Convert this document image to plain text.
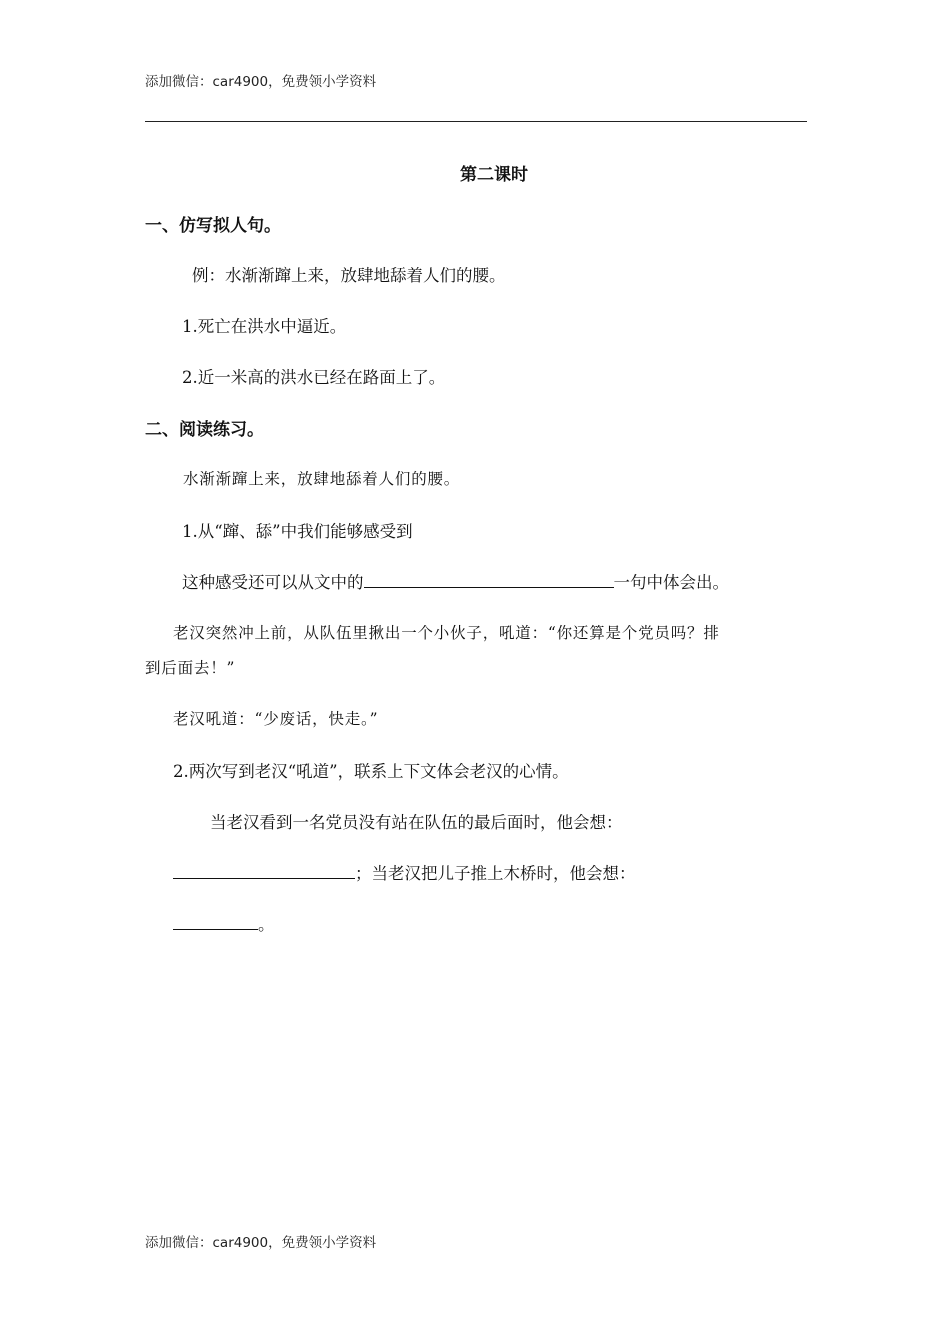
添加微信：car4900，免费领小学资料
第二课时
一、仿写拟人句。
例：水渐渐蹿上来，放肆地舔着人们的腰。
1.死亡在洪水中逼近。
2.近一米高的洪水已经在路面上了。
二、阅读练习。
水渐渐蹿上来，放肆地舔着人们的腰。
1.从“蹿、舔”中我们能够感受到
这种感受还可以从文中的	一句中体会出。
老汉突然冲上前，从队伍里揪出一个小伙子，吼道：“你还算是个党员吗？排
到后面去！”
老汉吼道：“少废话，快走。”
2.两次写到老汉“吼道”，联系上下文体会老汉的心情。
当老汉看到一名党员没有站在队伍的最后面时，他会想：
；当老汉把儿子推上木桥时，他会想：
。
添加微信：car4900，免费领小学资料
